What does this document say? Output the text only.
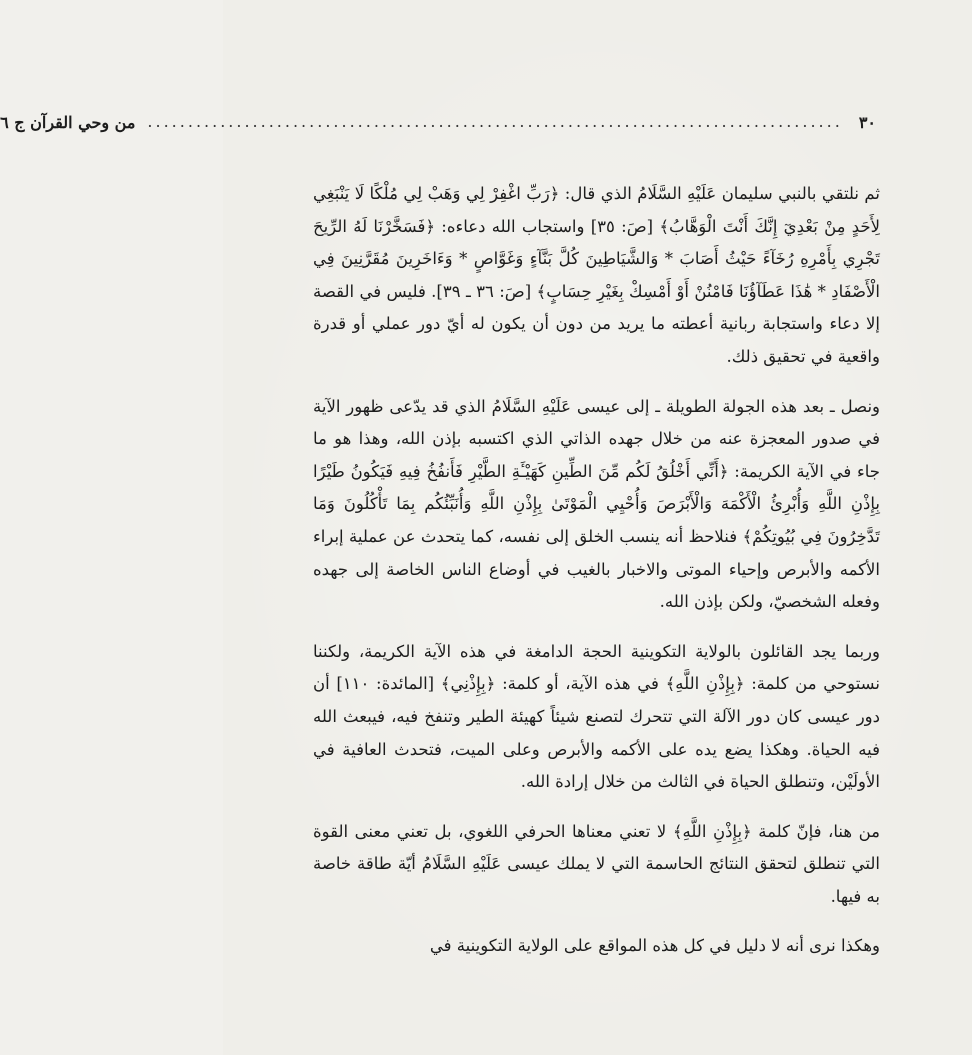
٣٠
......................................................................................
من وحي القرآن ج ٦

ثم نلتقي بالنبي سليمان عَلَيْهِ السَّلَامُ الذي قال: ﴿رَبِّ اغْفِرْ لِي وَهَبْ لِي مُلْكًا لَا يَنْبَغِي لِأَحَدٍ مِنْ بَعْدِيٓ إِنَّكَ أَنْتَ الْوَهَّابُ﴾ [صَ: ٣٥] واستجاب الله دعاءه: ﴿فَسَخَّرْنَا لَهُ الرِّيحَ تَجْرِي بِأَمْرِهِ رُخَآءً حَيْثُ أَصَابَ * وَالشَّيَاطِينَ كُلَّ بَنَّآءٍ وَغَوَّاصٍ * وَءَاخَرِينَ مُقَرَّنِينَ فِي الْأَصْفَادِ * هَٰذَا عَطَآؤُنَا فَامْنُنْ أَوْ أَمْسِكْ بِغَيْرِ حِسَابٍ﴾ [صَ: ٣٦ ـ ٣٩]. فليس في القصة إلا دعاء واستجابة ربانية أعطته ما يريد من دون أن يكون له أيّ دور عملي أو قدرة واقعية في تحقيق ذلك.

ونصل ـ بعد هذه الجولة الطويلة ـ إلى عيسى عَلَيْهِ السَّلَامُ الذي قد يدّعى ظهور الآية في صدور المعجزة عنه من خلال جهده الذاتي الذي اكتسبه بإذن الله، وهذا هو ما جاء في الآية الكريمة: ﴿أَنِّي أَخْلُقُ لَكُم مِّنَ الطِّينِ كَهَيْـَٔةِ الطَّيْرِ فَأَنفُخُ فِيهِ فَيَكُونُ طَيْرًا بِإِذْنِ اللَّهِ وَأُبْرِئُ الْأَكْمَهَ وَالْأَبْرَصَ وَأُحْيِي الْمَوْتَىٰ بِإِذْنِ اللَّهِ وَأُنَبِّئُكُم بِمَا تَأْكُلُونَ وَمَا تَدَّخِرُونَ فِي بُيُوتِكُمْ﴾ فنلاحظ أنه ينسب الخلق إلى نفسه، كما يتحدث عن عملية إبراء الأكمه والأبرص وإحياء الموتى والاخبار بالغيب في أوضاع الناس الخاصة إلى جهده وفعله الشخصيّ، ولكن بإذن الله.

وربما يجد القائلون بالولاية التكوينية الحجة الدامغة في هذه الآية الكريمة، ولكننا نستوحي من كلمة: ﴿بِإِذْنِ اللَّهِ﴾ في هذه الآية، أو كلمة: ﴿بِإِذْنِي﴾ [المائدة: ١١٠] أن دور عيسى كان دور الآلة التي تتحرك لتصنع شيئاً كهيئة الطير وتنفخ فيه، فيبعث الله فيه الحياة. وهكذا يضع يده على الأكمه والأبرص وعلى الميت، فتحدث العافية في الأولَيْن، وتنطلق الحياة في الثالث من خلال إرادة الله.

من هنا، فإنّ كلمة ﴿بِإِذْنِ اللَّهِ﴾ لا تعني معناها الحرفي اللغوي، بل تعني معنى القوة التي تنطلق لتحقق النتائج الحاسمة التي لا يملك عيسى عَلَيْهِ السَّلَامُ أيّة طاقة خاصة به فيها.

وهكذا نرى أنه لا دليل في كل هذه المواقع على الولاية التكوينية في
